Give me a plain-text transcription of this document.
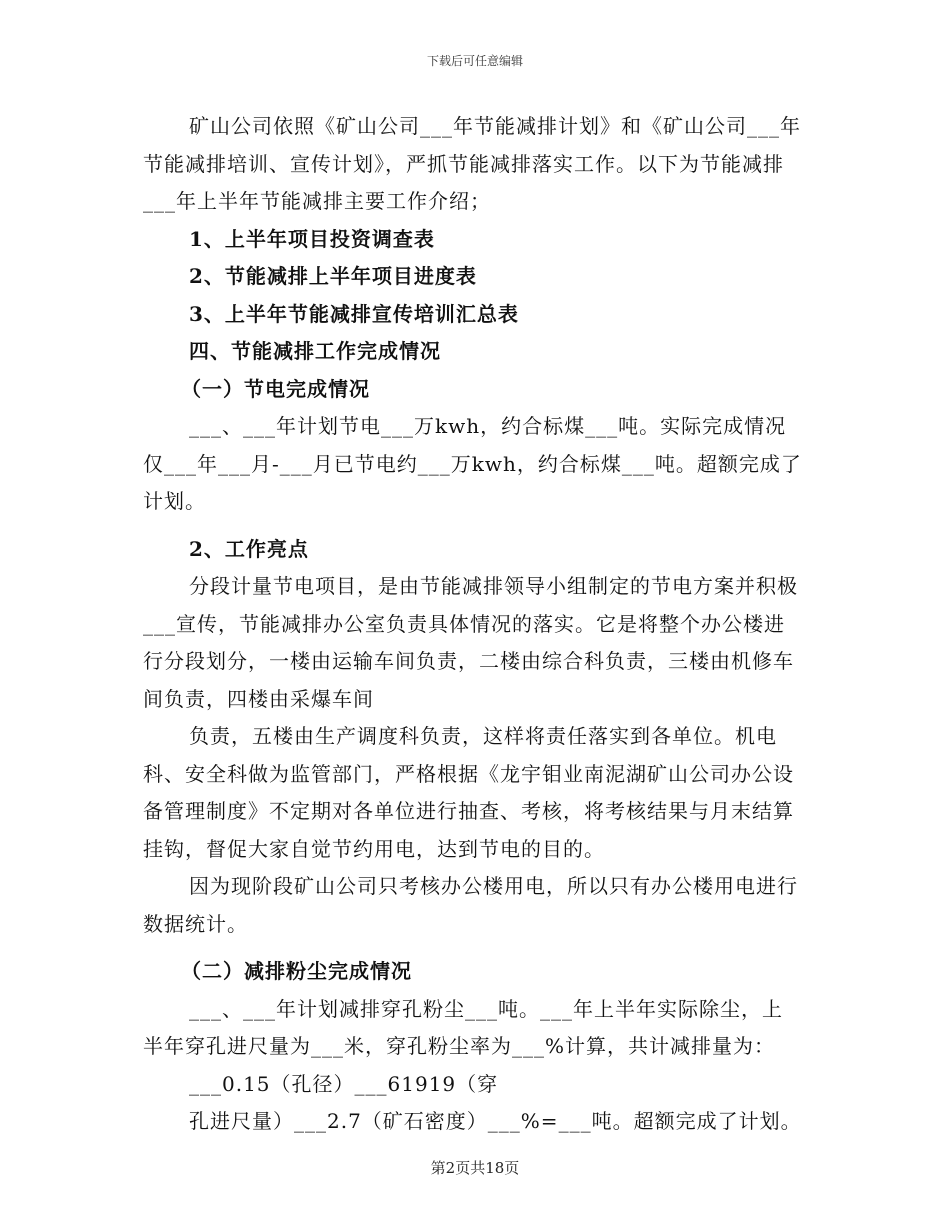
下载后可任意编辑

矿山公司依照《矿山公司___年节能减排计划》和《矿山公司___年节能减排培训、宣传计划》，严抓节能减排落实工作。以下为节能减排___年上半年节能减排主要工作介绍；

1、上半年项目投资调查表

2、节能减排上半年项目进度表

3、上半年节能减排宣传培训汇总表

四、节能减排工作完成情况

（一）节电完成情况

___、___年计划节电___万kwh，约合标煤___吨。实际完成情况仅___年___月-___月已节电约___万kwh，约合标煤___吨。超额完成了计划。

2、工作亮点

分段计量节电项目，是由节能减排领导小组制定的节电方案并积极___宣传，节能减排办公室负责具体情况的落实。它是将整个办公楼进行分段划分，一楼由运输车间负责，二楼由综合科负责，三楼由机修车间负责，四楼由采爆车间

负责，五楼由生产调度科负责，这样将责任落实到各单位。机电科、安全科做为监管部门，严格根据《龙宇钼业南泥湖矿山公司办公设备管理制度》不定期对各单位进行抽查、考核，将考核结果与月末结算挂钩，督促大家自觉节约用电，达到节电的目的。

因为现阶段矿山公司只考核办公楼用电，所以只有办公楼用电进行数据统计。

（二）减排粉尘完成情况

___、___年计划减排穿孔粉尘___吨。___年上半年实际除尘，上半年穿孔进尺量为___米，穿孔粉尘率为___%计算，共计减排量为：

___0.15（孔径）___61919（穿

孔进尺量）___2.7（矿石密度）___%=___吨。超额完成了计划。

第2页共18页
